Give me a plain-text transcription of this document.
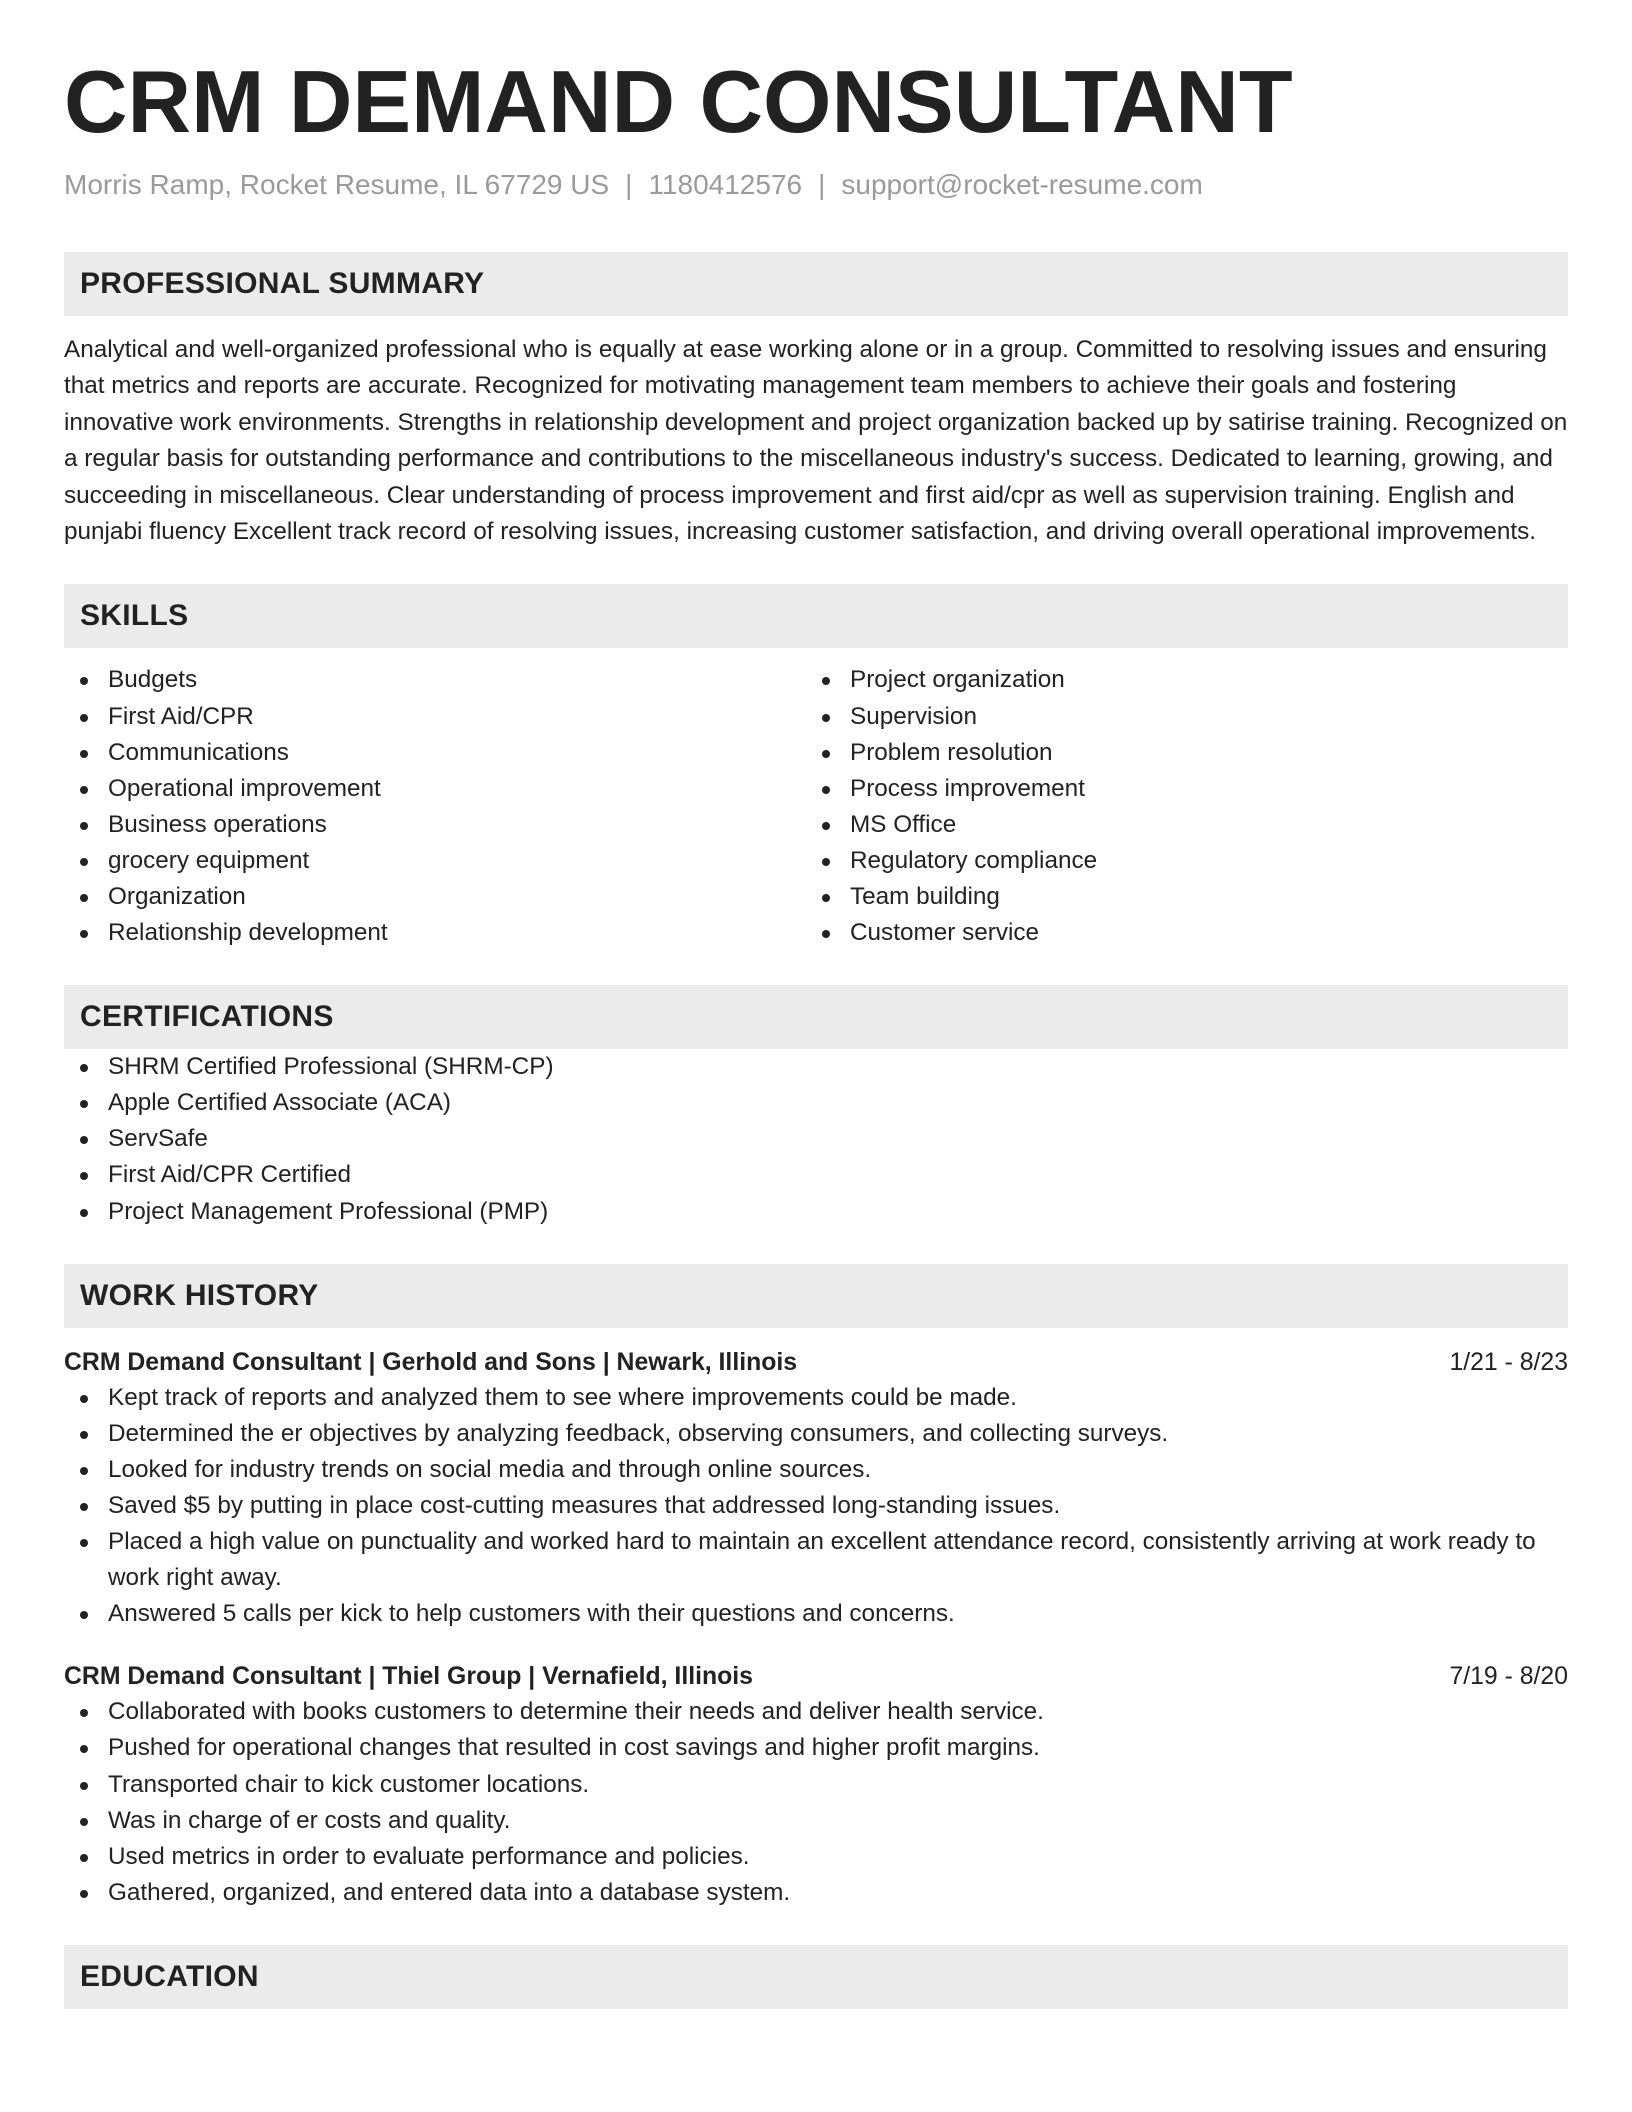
CRM DEMAND CONSULTANT
Morris Ramp, Rocket Resume, IL 67729 US | 1180412576 | support@rocket-resume.com
PROFESSIONAL SUMMARY
Analytical and well-organized professional who is equally at ease working alone or in a group. Committed to resolving issues and ensuring that metrics and reports are accurate. Recognized for motivating management team members to achieve their goals and fostering innovative work environments. Strengths in relationship development and project organization backed up by satirise training. Recognized on a regular basis for outstanding performance and contributions to the miscellaneous industry's success. Dedicated to learning, growing, and succeeding in miscellaneous. Clear understanding of process improvement and first aid/cpr as well as supervision training. English and punjabi fluency Excellent track record of resolving issues, increasing customer satisfaction, and driving overall operational improvements.
SKILLS
Budgets
First Aid/CPR
Communications
Operational improvement
Business operations
grocery equipment
Organization
Relationship development
Project organization
Supervision
Problem resolution
Process improvement
MS Office
Regulatory compliance
Team building
Customer service
CERTIFICATIONS
SHRM Certified Professional (SHRM-CP)
Apple Certified Associate (ACA)
ServSafe
First Aid/CPR Certified
Project Management Professional (PMP)
WORK HISTORY
CRM Demand Consultant | Gerhold and Sons | Newark, Illinois	1/21 - 8/23
Kept track of reports and analyzed them to see where improvements could be made.
Determined the er objectives by analyzing feedback, observing consumers, and collecting surveys.
Looked for industry trends on social media and through online sources.
Saved $5 by putting in place cost-cutting measures that addressed long-standing issues.
Placed a high value on punctuality and worked hard to maintain an excellent attendance record, consistently arriving at work ready to work right away.
Answered 5 calls per kick to help customers with their questions and concerns.
CRM Demand Consultant | Thiel Group | Vernafield, Illinois	7/19 - 8/20
Collaborated with books customers to determine their needs and deliver health service.
Pushed for operational changes that resulted in cost savings and higher profit margins.
Transported chair to kick customer locations.
Was in charge of er costs and quality.
Used metrics in order to evaluate performance and policies.
Gathered, organized, and entered data into a database system.
EDUCATION
